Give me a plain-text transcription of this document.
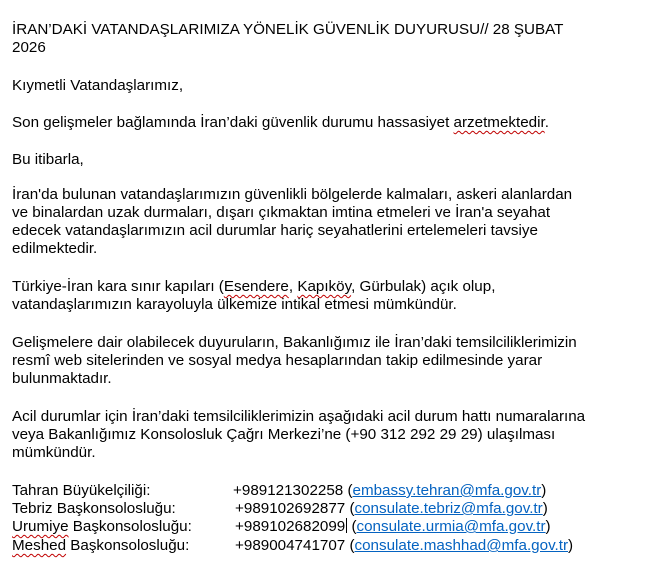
İRAN’DAKİ VATANDAŞLARIMIZA YÖNELİK GÜVENLİK DUYURUSU// 28 ŞUBAT
2026
Kıymetli Vatandaşlarımız,
Son gelişmeler bağlamında İran’daki güvenlik durumu hassasiyet arzetmektedir.
Bu itibarla,
İran'da bulunan vatandaşlarımızın güvenlikli bölgelerde kalmaları, askeri alanlardan
ve binalardan uzak durmaları, dışarı çıkmaktan imtina etmeleri ve İran'a seyahat
edecek vatandaşlarımızın acil durumlar hariç seyahatlerini ertelemeleri tavsiye
edilmektedir.
Türkiye-İran kara sınır kapıları (Esendere, Kapıköy, Gürbulak) açık olup,
vatandaşlarımızın karayoluyla ülkemize intikal etmesi mümkündür.
Gelişmelere dair olabilecek duyuruların, Bakanlığımız ile İran’daki temsilciliklerimizin
resmî web sitelerinden ve sosyal medya hesaplarından takip edilmesinde yarar
bulunmaktadır.
Acil durumlar için İran’daki temsilciliklerimizin aşağıdaki acil durum hattı numaralarına
veya Bakanlığımız Konsolosluk Çağrı Merkezi’ne (+90 312 292 29 29) ulaşılması
mümkündür.
Tahran Büyükelçiliği:	+989121302258 (embassy.tehran@mfa.gov.tr)
Tebriz Başkonsolosluğu:	+989102692877 (consulate.tebriz@mfa.gov.tr)
Urumiye Başkonsolosluğu:	+989102682099 (consulate.urmia@mfa.gov.tr)
Meshed Başkonsolosluğu:	+989004741707 (consulate.mashhad@mfa.gov.tr)
